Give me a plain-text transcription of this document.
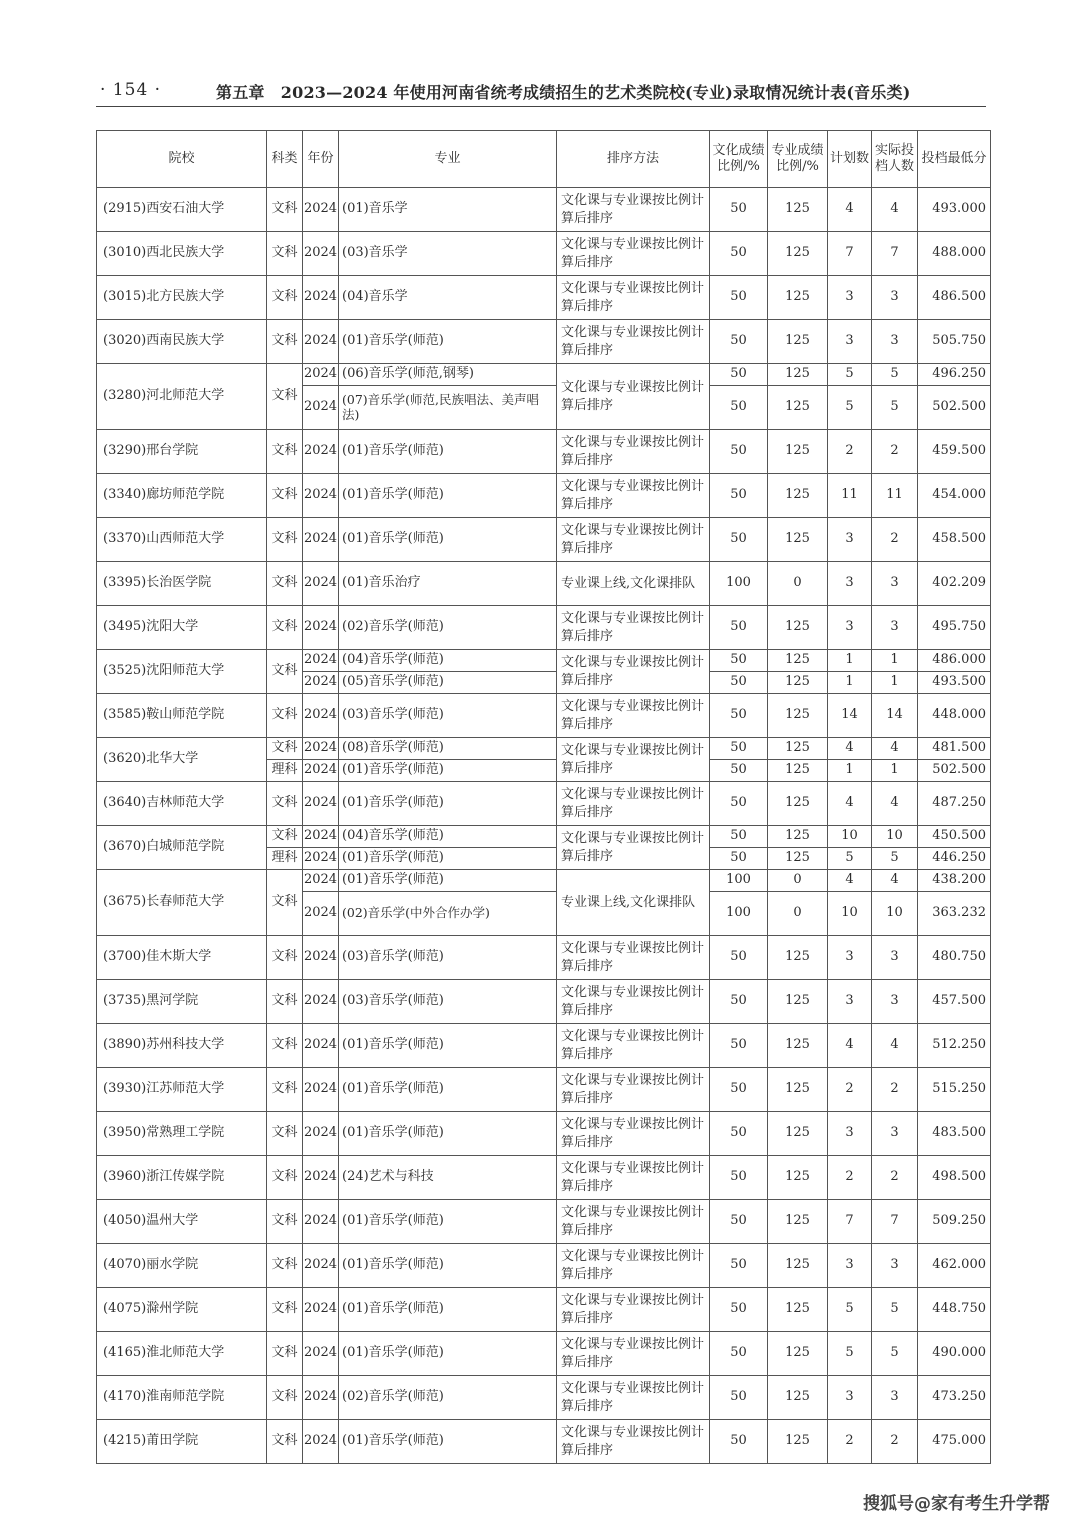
· 154 ·	第五章　2023—2024 年使用河南省统考成绩招生的艺术类院校(专业)录取情况统计表(音乐类)
院校	科类	年份	专业	排序方法	文化成绩比例/%	专业成绩比例/%	计划数	实际投档人数	投档最低分
(2915)西安石油大学	文科	2024	(01)音乐学	文化课与专业课按比例计算后排序	50	125	4	4	493.000
(3010)西北民族大学	文科	2024	(03)音乐学	文化课与专业课按比例计算后排序	50	125	7	7	488.000
(3015)北方民族大学	文科	2024	(04)音乐学	文化课与专业课按比例计算后排序	50	125	3	3	486.500
(3020)西南民族大学	文科	2024	(01)音乐学(师范)	文化课与专业课按比例计算后排序	50	125	3	3	505.750
(3280)河北师范大学	文科	2024	(06)音乐学(师范,钢琴)	文化课与专业课按比例计算后排序	50	125	5	5	496.250
		2024	(07)音乐学(师范,民族唱法、美声唱法)		50	125	5	5	502.500
(3290)邢台学院	文科	2024	(01)音乐学(师范)	文化课与专业课按比例计算后排序	50	125	2	2	459.500
(3340)廊坊师范学院	文科	2024	(01)音乐学(师范)	文化课与专业课按比例计算后排序	50	125	11	11	454.000
(3370)山西师范大学	文科	2024	(01)音乐学(师范)	文化课与专业课按比例计算后排序	50	125	3	2	458.500
(3395)长治医学院	文科	2024	(01)音乐治疗	专业课上线,文化课排队	100	0	3	3	402.209
(3495)沈阳大学	文科	2024	(02)音乐学(师范)	文化课与专业课按比例计算后排序	50	125	3	3	495.750
(3525)沈阳师范大学	文科	2024	(04)音乐学(师范)	文化课与专业课按比例计算后排序	50	125	1	1	486.000
		2024	(05)音乐学(师范)		50	125	1	1	493.500
(3585)鞍山师范学院	文科	2024	(03)音乐学(师范)	文化课与专业课按比例计算后排序	50	125	14	14	448.000
(3620)北华大学	文科	2024	(08)音乐学(师范)	文化课与专业课按比例计算后排序	50	125	4	4	481.500
	理科	2024	(01)音乐学(师范)		50	125	1	1	502.500
(3640)吉林师范大学	文科	2024	(01)音乐学(师范)	文化课与专业课按比例计算后排序	50	125	4	4	487.250
(3670)白城师范学院	文科	2024	(04)音乐学(师范)	文化课与专业课按比例计算后排序	50	125	10	10	450.500
	理科	2024	(01)音乐学(师范)		50	125	5	5	446.250
(3675)长春师范大学	文科	2024	(01)音乐学(师范)	专业课上线,文化课排队	100	0	4	4	438.200
		2024	(02)音乐学(中外合作办学)		100	0	10	10	363.232
(3700)佳木斯大学	文科	2024	(03)音乐学(师范)	文化课与专业课按比例计算后排序	50	125	3	3	480.750
(3735)黑河学院	文科	2024	(03)音乐学(师范)	文化课与专业课按比例计算后排序	50	125	3	3	457.500
(3890)苏州科技大学	文科	2024	(01)音乐学(师范)	文化课与专业课按比例计算后排序	50	125	4	4	512.250
(3930)江苏师范大学	文科	2024	(01)音乐学(师范)	文化课与专业课按比例计算后排序	50	125	2	2	515.250
(3950)常熟理工学院	文科	2024	(01)音乐学(师范)	文化课与专业课按比例计算后排序	50	125	3	3	483.500
(3960)浙江传媒学院	文科	2024	(24)艺术与科技	文化课与专业课按比例计算后排序	50	125	2	2	498.500
(4050)温州大学	文科	2024	(01)音乐学(师范)	文化课与专业课按比例计算后排序	50	125	7	7	509.250
(4070)丽水学院	文科	2024	(01)音乐学(师范)	文化课与专业课按比例计算后排序	50	125	3	3	462.000
(4075)滁州学院	文科	2024	(01)音乐学(师范)	文化课与专业课按比例计算后排序	50	125	5	5	448.750
(4165)淮北师范大学	文科	2024	(01)音乐学(师范)	文化课与专业课按比例计算后排序	50	125	5	5	490.000
(4170)淮南师范学院	文科	2024	(02)音乐学(师范)	文化课与专业课按比例计算后排序	50	125	3	3	473.250
(4215)莆田学院	文科	2024	(01)音乐学(师范)	文化课与专业课按比例计算后排序	50	125	2	2	475.000
搜狐号@家有考生升学帮
